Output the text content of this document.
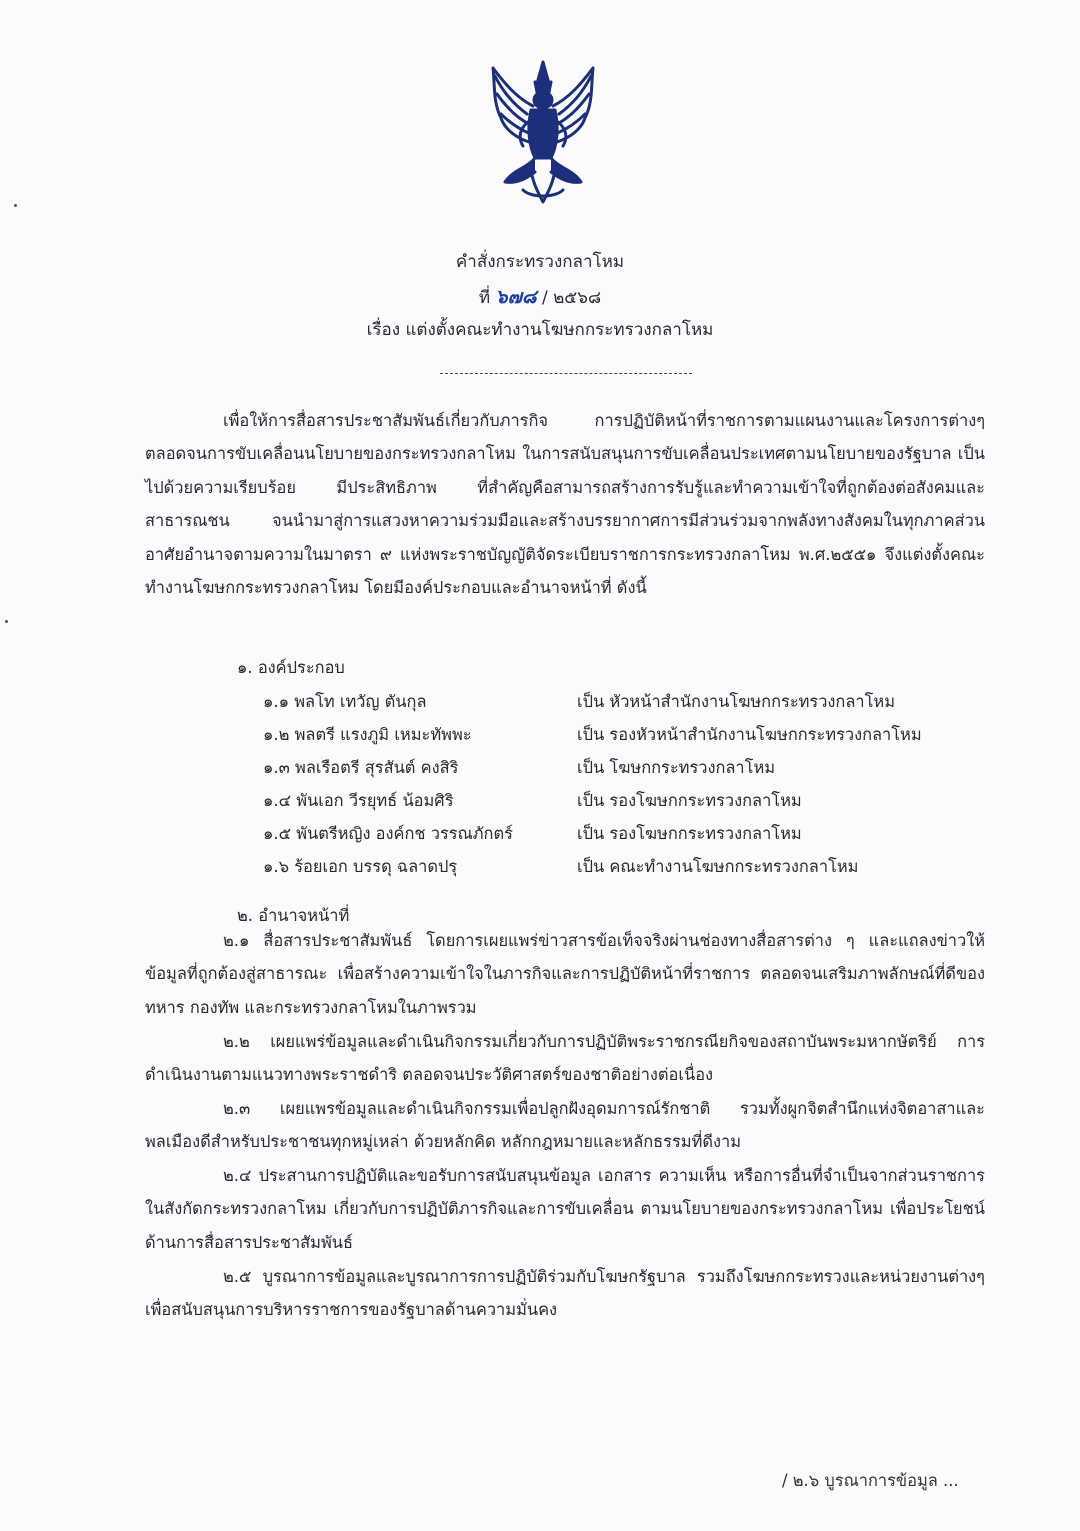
คำสั่งกระทรวงกลาโหม
ที่ ๖๗๘ / ๒๕๖๘
เรื่อง แต่งตั้งคณะทำงานโฆษกกระทรวงกลาโหม

เพื่อให้การสื่อสารประชาสัมพันธ์เกี่ยวกับภารกิจ การปฏิบัติหน้าที่ราชการตามแผนงานและโครงการต่างๆ ตลอดจนการขับเคลื่อนนโยบายของกระทรวงกลาโหม ในการสนับสนุนการขับเคลื่อนประเทศตามนโยบายของรัฐบาล เป็นไปด้วยความเรียบร้อย มีประสิทธิภาพ ที่สำคัญคือสามารถสร้างการรับรู้และทำความเข้าใจที่ถูกต้องต่อสังคมและสาธารณชน จนนำมาสู่การแสวงหาความร่วมมือและสร้างบรรยากาศการมีส่วนร่วมจากพลังทางสังคมในทุกภาคส่วน อาศัยอำนาจตามความในมาตรา ๙ แห่งพระราชบัญญัติจัดระเบียบราชการกระทรวงกลาโหม พ.ศ.๒๕๕๑ จึงแต่งตั้งคณะทำงานโฆษกกระทรวงกลาโหม โดยมีองค์ประกอบและอำนาจหน้าที่ ดังนี้

๑. องค์ประกอบ
๑.๑ พลโท เทวัญ ตันกุล	เป็น หัวหน้าสำนักงานโฆษกกระทรวงกลาโหม
๑.๒ พลตรี แรงภูมิ เหมะทัพพะ	เป็น รองหัวหน้าสำนักงานโฆษกกระทรวงกลาโหม
๑.๓ พลเรือตรี สุรสันต์ คงสิริ	เป็น โฆษกกระทรวงกลาโหม
๑.๔ พันเอก วีรยุทธ์ น้อมศิริ	เป็น รองโฆษกกระทรวงกลาโหม
๑.๕ พันตรีหญิง องค์กช วรรณภักตร์	เป็น รองโฆษกกระทรวงกลาโหม
๑.๖ ร้อยเอก บรรดุ ฉลาดปรุ	เป็น คณะทำงานโฆษกกระทรวงกลาโหม
๒. อำนาจหน้าที่

๒.๑ สื่อสารประชาสัมพันธ์ โดยการเผยแพร่ข่าวสารข้อเท็จจริงผ่านช่องทางสื่อสารต่าง ๆ และแถลงข่าวให้ข้อมูลที่ถูกต้องสู่สาธารณะ เพื่อสร้างความเข้าใจในภารกิจและการปฏิบัติหน้าที่ราชการ ตลอดจนเสริมภาพลักษณ์ที่ดีของทหาร กองทัพ และกระทรวงกลาโหมในภาพรวม

๒.๒ เผยแพร่ข้อมูลและดำเนินกิจกรรมเกี่ยวกับการปฏิบัติพระราชกรณียกิจของสถาบันพระมหากษัตริย์ การดำเนินงานตามแนวทางพระราชดำริ ตลอดจนประวัติศาสตร์ของชาติอย่างต่อเนื่อง

๒.๓ เผยแพรข้อมูลและดำเนินกิจกรรมเพื่อปลูกฝังอุดมการณ์รักชาติ รวมทั้งผูกจิตสำนึกแห่งจิตอาสาและพลเมืองดีสำหรับประชาชนทุกหมู่เหล่า ด้วยหลักคิด หลักกฎหมายและหลักธรรมที่ดีงาม

๒.๔ ประสานการปฏิบัติและขอรับการสนับสนุนข้อมูล เอกสาร ความเห็น หรือการอื่นที่จำเป็นจากส่วนราชการในสังกัดกระทรวงกลาโหม เกี่ยวกับการปฏิบัติภารกิจและการขับเคลื่อน ตามนโยบายของกระทรวงกลาโหม เพื่อประโยชน์ด้านการสื่อสารประชาสัมพันธ์

๒.๕ บูรณาการข้อมูลและบูรณาการการปฏิบัติร่วมกับโฆษกรัฐบาล รวมถึงโฆษกกระทรวงและหน่วยงานต่างๆ เพื่อสนับสนุนการบริหารราชการของรัฐบาลด้านความมั่นคง

/ ๒.๖ บูรณาการข้อมูล ...
